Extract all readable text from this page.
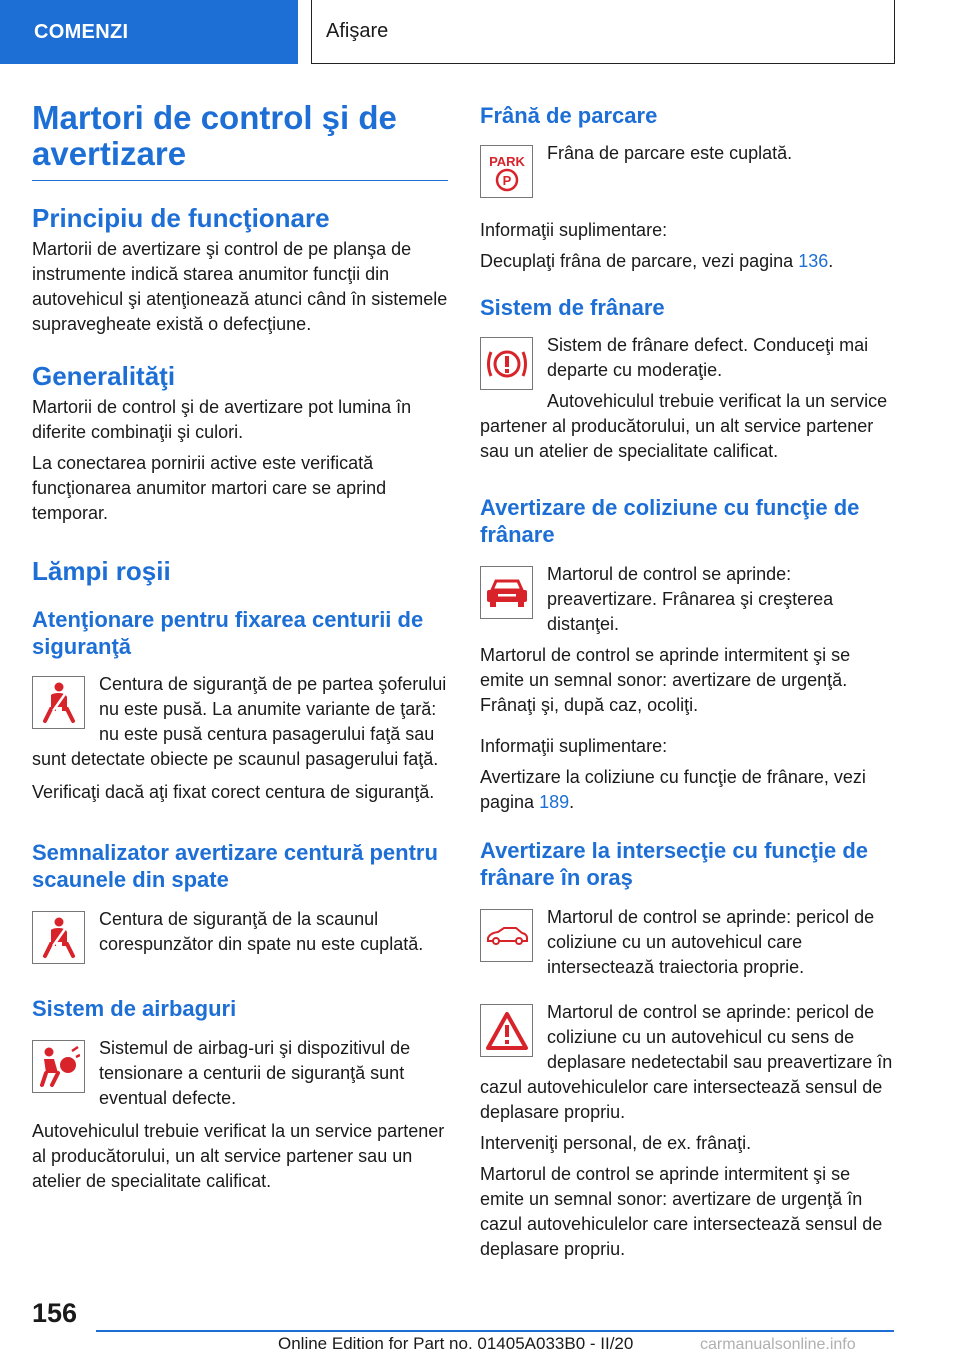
COMENZI	Afişare
Martori de control şi de avertizare
Principiu de funcţionare

Martorii de avertizare şi control de pe planşa de instrumente indică starea anumitor funcţii din autovehicul şi atenţionează atunci când în sistemele supravegheate există o defecţiune.

Generalităţi

Martorii de control şi de avertizare pot lumina în diferite combinaţii şi culori.

La conectarea pornirii active este verificată funcţionarea anumitor martori care se aprind temporar.

Lămpi roşii
Atenţionare pentru fixarea centurii de siguranţă

Centura de siguranţă de pe partea şoferului nu este pusă. La anumite variante de ţară: nu este pusă centura pasagerului faţă sau sunt detectate obiecte pe scaunul pasagerului faţă.

Verificaţi dacă aţi fixat corect centura de siguranţă.

Semnalizator avertizare centură pentru scaunele din spate

Centura de siguranţă de la scaunul corespunzător din spate nu este cuplată.

Sistem de airbaguri

Sistemul de airbag-uri şi dispozitivul de tensionare a centurii de siguranţă sunt eventual defecte.

Autovehiculul trebuie verificat la un service partener al producătorului, un alt service partener sau un atelier de specialitate calificat.

Frână de parcare
PARK
P

Frâna de parcare este cuplată.

Informaţii suplimentare:

Decuplaţi frâna de parcare, vezi pagina 136.

Sistem de frânare

Sistem de frânare defect. Conduceţi mai departe cu moderaţie.

Autovehiculul trebuie verificat la un service partener al producătorului, un alt service partener sau un atelier de specialitate calificat.

Avertizare de coliziune cu funcţie de frânare

Martorul de control se aprinde: preavertizare. Frânarea şi creşterea distanţei.

Martorul de control se aprinde intermitent şi se emite un semnal sonor: avertizare de urgenţă. Frânaţi şi, după caz, ocoliţi.

Informaţii suplimentare:

Avertizare la coliziune cu funcţie de frânare, vezi pagina 189.

Avertizare la intersecţie cu funcţie de frânare în oraş

Martorul de control se aprinde: pericol de coliziune cu un autovehicul care intersectează traiectoria proprie.

Martorul de control se aprinde: pericol de coliziune cu un autovehicul cu sens de deplasare nedetectabil sau preavertizare în cazul autovehiculelor care intersectează sensul de deplasare propriu.

Interveniţi personal, de ex. frânaţi.

Martorul de control se aprinde intermitent şi se emite un semnal sonor: avertizare de urgenţă în cazul autovehiculelor care intersectează sensul de deplasare propriu.

156
Online Edition for Part no. 01405A033B0 - II/20	carmanualsonline.info
